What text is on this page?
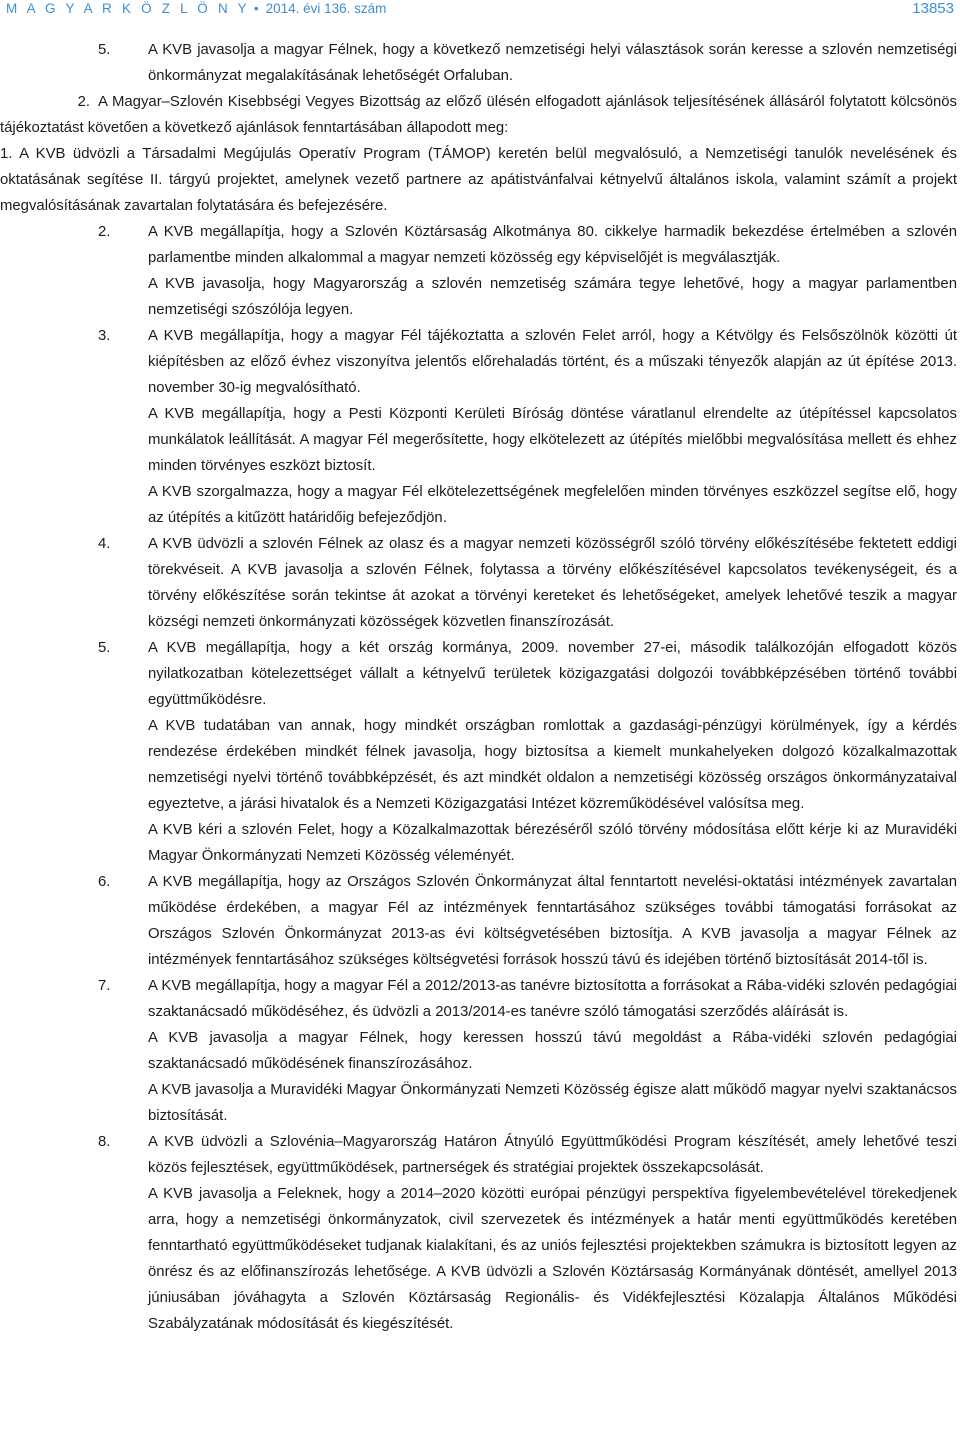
M A G Y A R K Ö Z L Ö N Y • 2014. évi 136. szám	13853
5.	A KVB javasolja a magyar Félnek, hogy a következő nemzetiségi helyi választások során keresse a szlovén nemzetiségi önkormányzat megalakításának lehetőségét Orfaluban.
2. A Magyar–Szlovén Kisebbségi Vegyes Bizottság az előző ülésén elfogadott ajánlások teljesítésének állásáról folytatott kölcsönös tájékoztatást követően a következő ajánlások fenntartásában állapodott meg:
1. A KVB üdvözli a Társadalmi Megújulás Operatív Program (TÁMOP) keretén belül megvalósuló, a Nemzetiségi tanulók nevelésének és oktatásának segítése II. tárgyú projektet, amelynek vezető partnere az apátistvánfalvai kétnyelvű általános iskola, valamint számít a projekt megvalósításának zavartalan folytatására és befejezésére.
2.	A KVB megállapítja, hogy a Szlovén Köztársaság Alkotmánya 80. cikkelye harmadik bekezdése értelmében a szlovén parlamentbe minden alkalommal a magyar nemzeti közösség egy képviselőjét is megválasztják.
A KVB javasolja, hogy Magyarország a szlovén nemzetiség számára tegye lehetővé, hogy a magyar parlamentben nemzetiségi szószólója legyen.
3.	A KVB megállapítja, hogy a magyar Fél tájékoztatta a szlovén Felet arról, hogy a Kétvölgy és Felsőszölnök közötti út kiépítésben az előző évhez viszonyítva jelentős előrehaladás történt, és a műszaki tényezők alapján az út építése 2013. november 30-ig megvalósítható.
A KVB megállapítja, hogy a Pesti Központi Kerületi Bíróság döntése váratlanul elrendelte az útépítéssel kapcsolatos munkálatok leállítását. A magyar Fél megerősítette, hogy elkötelezett az útépítés mielőbbi megvalósítása mellett és ehhez minden törvényes eszközt biztosít.
A KVB szorgalmazza, hogy a magyar Fél elkötelezettségének megfelelően minden törvényes eszközzel segítse elő, hogy az útépítés a kitűzött határidőig befejeződjön.
4.	A KVB üdvözli a szlovén Félnek az olasz és a magyar nemzeti közösségről szóló törvény előkészítésébe fektetett eddigi törekvéseit. A KVB javasolja a szlovén Félnek, folytassa a törvény előkészítésével kapcsolatos tevékenységeit, és a törvény előkészítése során tekintse át azokat a törvényi kereteket és lehetőségeket, amelyek lehetővé teszik a magyar községi nemzeti önkormányzati közösségek közvetlen finanszírozását.
5.	A KVB megállapítja, hogy a két ország kormánya, 2009. november 27-ei, második találkozóján elfogadott közös nyilatkozatban kötelezettséget vállalt a kétnyelvű területek közigazgatási dolgozói továbbképzésében történő további együttműködésre.
A KVB tudatában van annak, hogy mindkét országban romlottak a gazdasági-pénzügyi körülmények, így a kérdés rendezése érdekében mindkét félnek javasolja, hogy biztosítsa a kiemelt munkahelyeken dolgozó közalkalmazottak nemzetiségi nyelvi történő továbbképzését, és azt mindkét oldalon a nemzetiségi közösség országos önkormányzataival egyeztetve, a járási hivatalok és a Nemzeti Közigazgatási Intézet közreműködésével valósítsa meg.
A KVB kéri a szlovén Felet, hogy a Közalkalmazottak bérezéséről szóló törvény módosítása előtt kérje ki az Muravidéki Magyar Önkormányzati Nemzeti Közösség véleményét.
6.	A KVB megállapítja, hogy az Országos Szlovén Önkormányzat által fenntartott nevelési-oktatási intézmények zavartalan működése érdekében, a magyar Fél az intézmények fenntartásához szükséges további támogatási forrásokat az Országos Szlovén Önkormányzat 2013-as évi költségvetésében biztosítja. A KVB javasolja a magyar Félnek az intézmények fenntartásához szükséges költségvetési források hosszú távú és idejében történő biztosítását 2014-től is.
7.	A KVB megállapítja, hogy a magyar Fél a 2012/2013-as tanévre biztosította a forrásokat a Rába-vidéki szlovén pedagógiai szaktanácsadó működéséhez, és üdvözli a 2013/2014-es tanévre szóló támogatási szerződés aláírását is.
A KVB javasolja a magyar Félnek, hogy keressen hosszú távú megoldást a Rába-vidéki szlovén pedagógiai szaktanácsadó működésének finanszírozásához.
A KVB javasolja a Muravidéki Magyar Önkormányzati Nemzeti Közösség égisze alatt működő magyar nyelvi szaktanácsos biztosítását.
8.	A KVB üdvözli a Szlovénia–Magyarország Határon Átnyúló Együttműködési Program készítését, amely lehetővé teszi közös fejlesztések, együttműködések, partnerségek és stratégiai projektek összekapcsolását.
A KVB javasolja a Feleknek, hogy a 2014–2020 közötti európai pénzügyi perspektíva figyelembevételével törekedjenek arra, hogy a nemzetiségi önkormányzatok, civil szervezetek és intézmények a határ menti együttműködés keretében fenntartható együttműködéseket tudjanak kialakítani, és az uniós fejlesztési projektekben számukra is biztosított legyen az önrész és az előfinanszírozás lehetősége. A KVB üdvözli a Szlovén Köztársaság Kormányának döntését, amellyel 2013 júniusában jóváhagyta a Szlovén Köztársaság Regionális- és Vidékfejlesztési Közalapja Általános Működési Szabályzatának módosítását és kiegészítését.
